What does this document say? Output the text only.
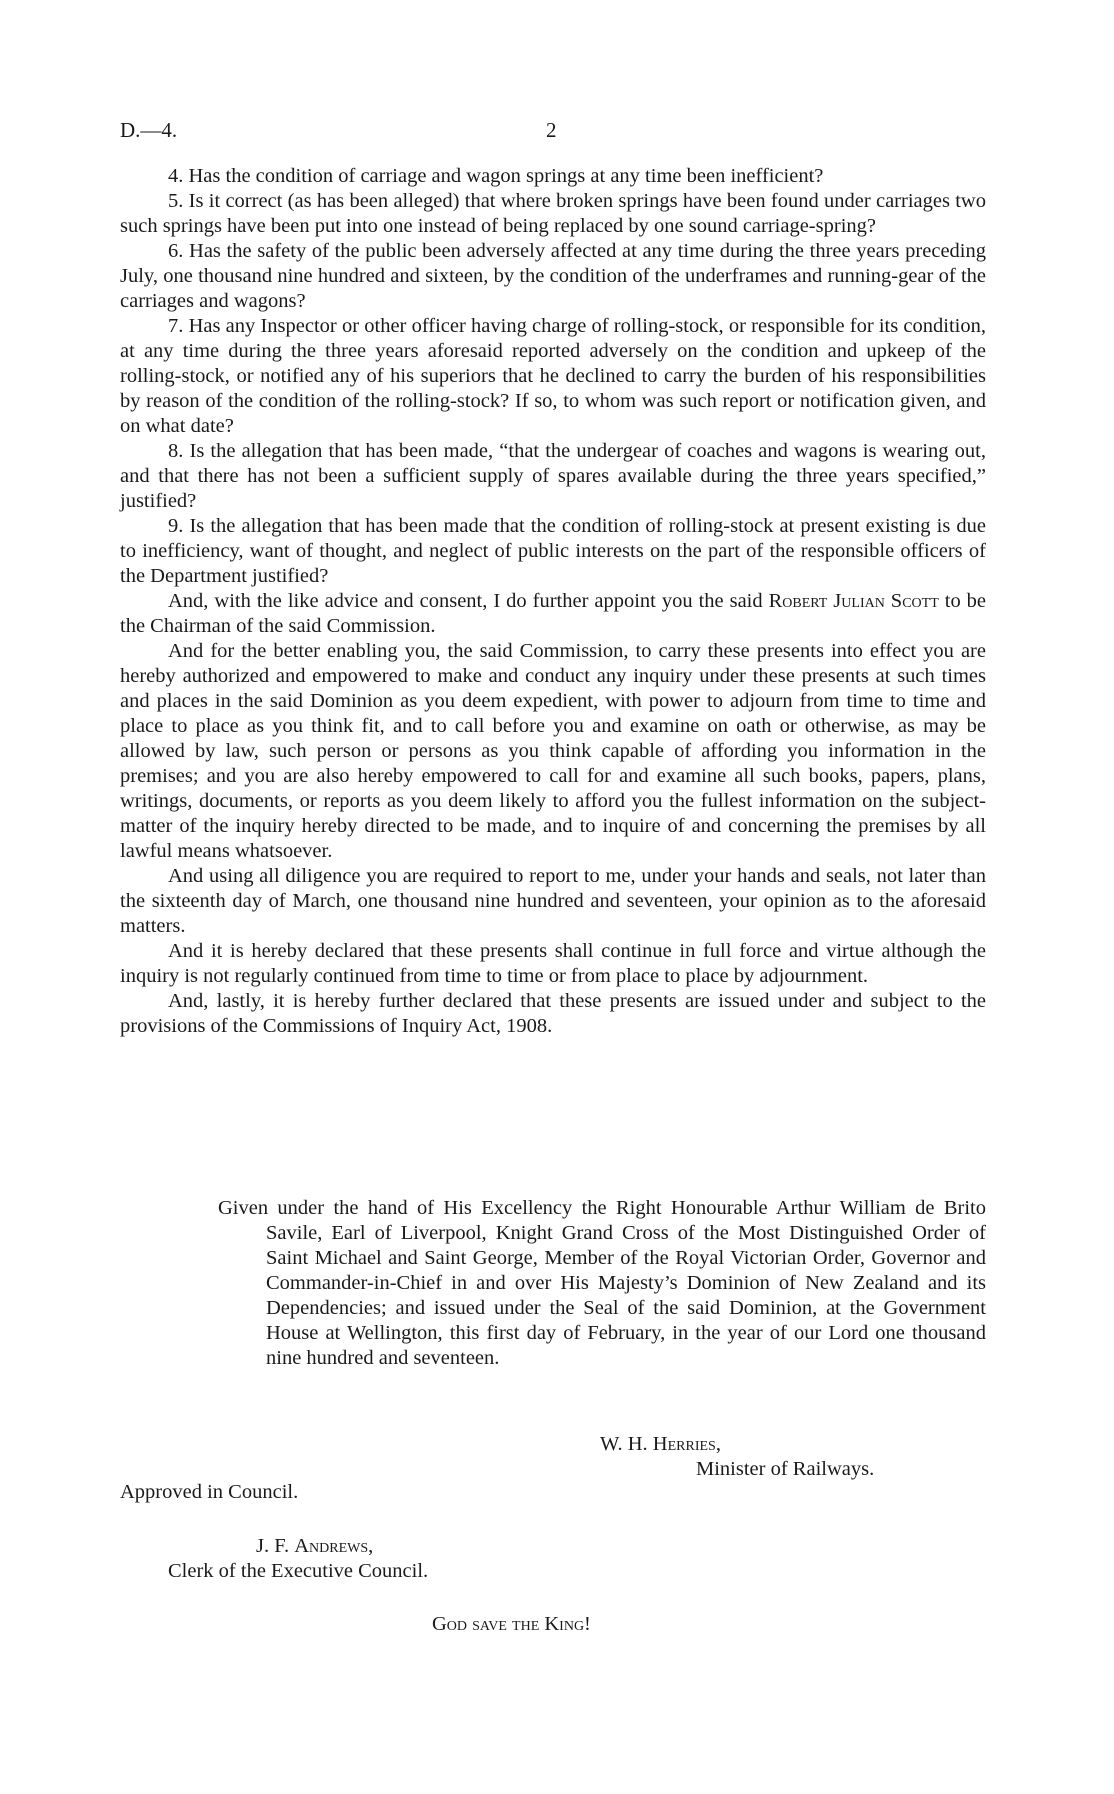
D.—4.	2

4. Has the condition of carriage and wagon springs at any time been inefficient?

5. Is it correct (as has been alleged) that where broken springs have been found under carriages two such springs have been put into one instead of being replaced by one sound carriage-spring?

6. Has the safety of the public been adversely affected at any time during the three years preceding July, one thousand nine hundred and sixteen, by the condition of the underframes and running-gear of the carriages and wagons?

7. Has any Inspector or other officer having charge of rolling-stock, or responsible for its condition, at any time during the three years aforesaid reported adversely on the condition and upkeep of the rolling-stock, or notified any of his superiors that he declined to carry the burden of his responsibilities by reason of the condition of the rolling-stock? If so, to whom was such report or notification given, and on what date?

8. Is the allegation that has been made, “that the undergear of coaches and wagons is wearing out, and that there has not been a sufficient supply of spares available during the three years specified,” justified?

9. Is the allegation that has been made that the condition of rolling-stock at present existing is due to inefficiency, want of thought, and neglect of public interests on the part of the responsible officers of the Department justified?

And, with the like advice and consent, I do further appoint you the said Robert Julian Scott to be the Chairman of the said Commission.

And for the better enabling you, the said Commission, to carry these presents into effect you are hereby authorized and empowered to make and conduct any inquiry under these presents at such times and places in the said Dominion as you deem expedient, with power to adjourn from time to time and place to place as you think fit, and to call before you and examine on oath or otherwise, as may be allowed by law, such person or persons as you think capable of affording you information in the premises; and you are also hereby empowered to call for and examine all such books, papers, plans, writings, documents, or reports as you deem likely to afford you the fullest information on the subject-matter of the inquiry hereby directed to be made, and to inquire of and concerning the premises by all lawful means whatsoever.

And using all diligence you are required to report to me, under your hands and seals, not later than the sixteenth day of March, one thousand nine hundred and seventeen, your opinion as to the aforesaid matters.

And it is hereby declared that these presents shall continue in full force and virtue although the inquiry is not regularly continued from time to time or from place to place by adjournment.

And, lastly, it is hereby further declared that these presents are issued under and subject to the provisions of the Commissions of Inquiry Act, 1908.

Given under the hand of His Excellency the Right Honourable Arthur William de Brito Savile, Earl of Liverpool, Knight Grand Cross of the Most Distinguished Order of Saint Michael and Saint George, Member of the Royal Victorian Order, Governor and Commander-in-Chief in and over His Majesty’s Dominion of New Zealand and its Dependencies; and issued under the Seal of the said Dominion, at the Government House at Wellington, this first day of February, in the year of our Lord one thousand nine hundred and seventeen.
W. H. Herries,
Minister of Railways.
Approved in Council.
J. F. Andrews,
Clerk of the Executive Council.
God save the King!
